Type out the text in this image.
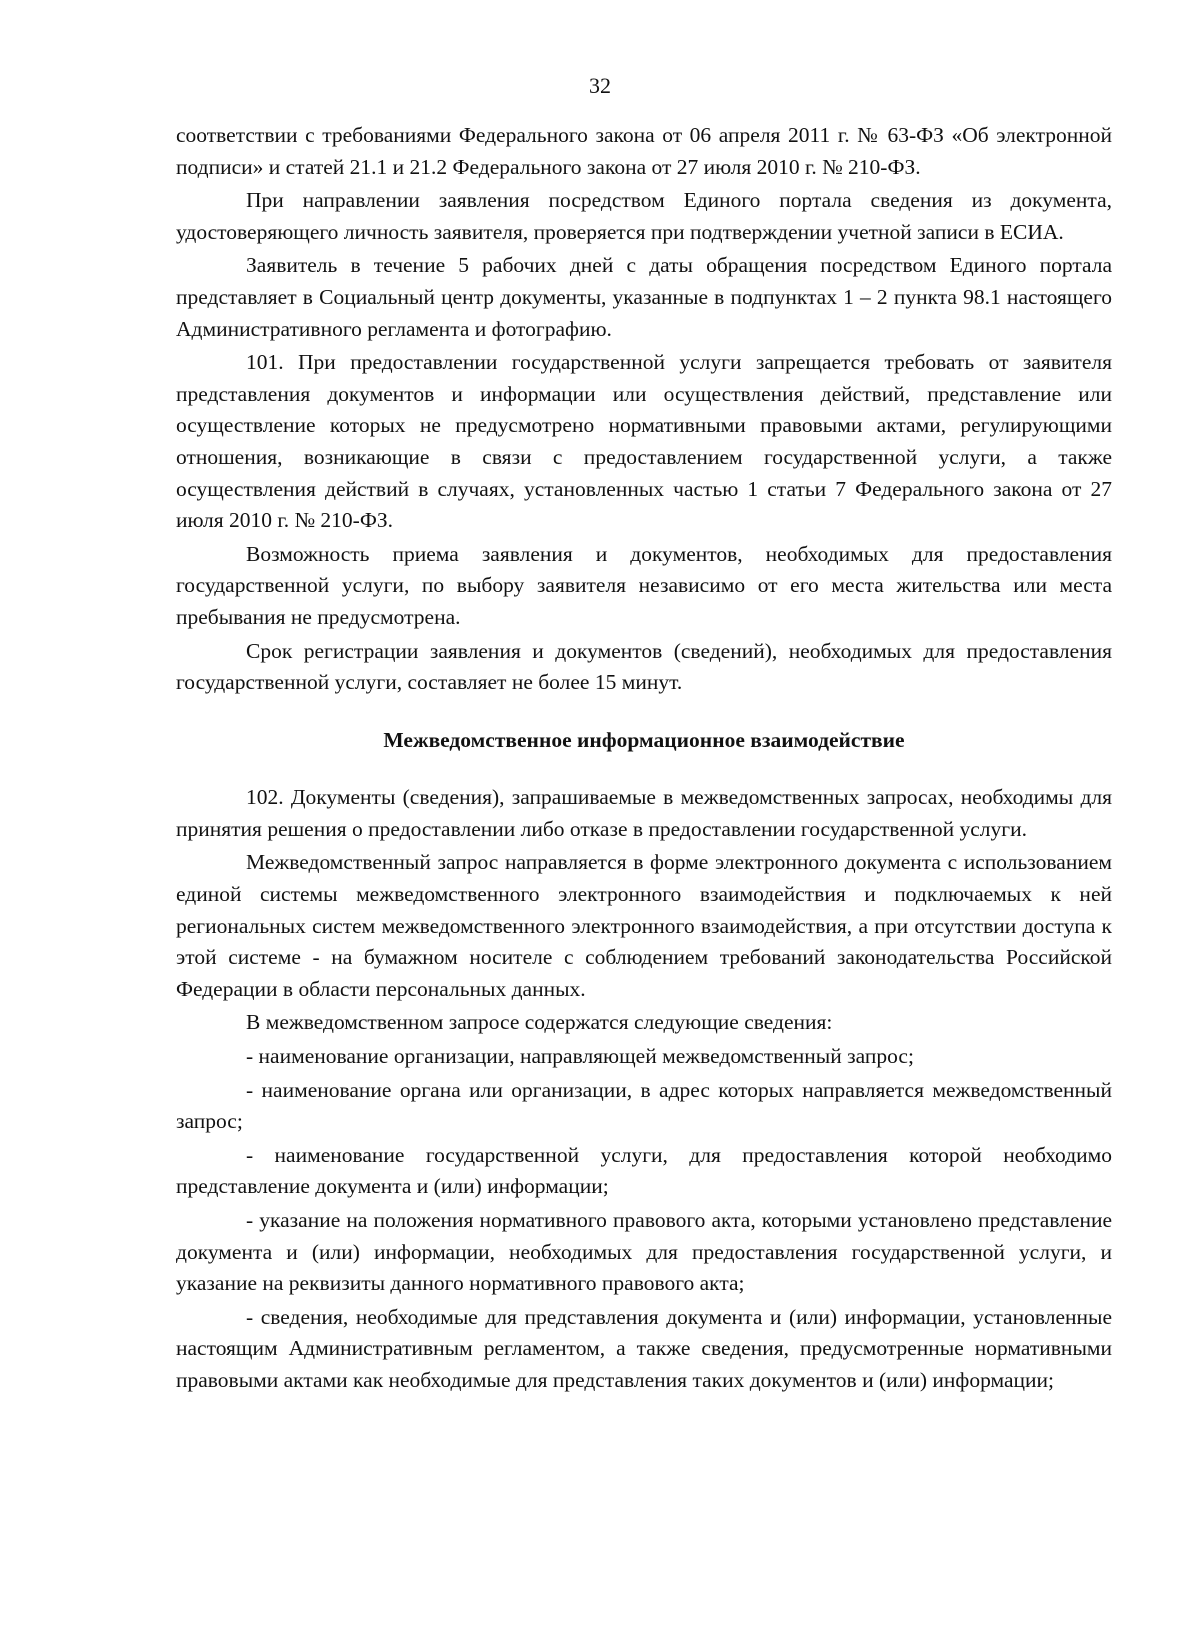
32

соответствии с требованиями Федерального закона от 06 апреля 2011 г. № 63-ФЗ «Об электронной подписи» и статей 21.1 и 21.2 Федерального закона от 27 июля 2010 г. № 210-ФЗ.

При направлении заявления посредством Единого портала сведения из документа, удостоверяющего личность заявителя, проверяется при подтверждении учетной записи в ЕСИА.

Заявитель в течение 5 рабочих дней с даты обращения посредством Единого портала представляет в Социальный центр документы, указанные в подпунктах 1 – 2 пункта 98.1 настоящего Административного регламента и фотографию.

101. При предоставлении государственной услуги запрещается требовать от заявителя представления документов и информации или осуществления действий, представление или осуществление которых не предусмотрено нормативными правовыми актами, регулирующими отношения, возникающие в связи с предоставлением государственной услуги, а также осуществления действий в случаях, установленных частью 1 статьи 7 Федерального закона от 27 июля 2010 г. № 210-ФЗ.

Возможность приема заявления и документов, необходимых для предоставления государственной услуги, по выбору заявителя независимо от его места жительства или места пребывания не предусмотрена.

Срок регистрации заявления и документов (сведений), необходимых для предоставления государственной услуги, составляет не более 15 минут.

Межведомственное информационное взаимодействие

102. Документы (сведения), запрашиваемые в межведомственных запросах, необходимы для принятия решения о предоставлении либо отказе в предоставлении государственной услуги.

Межведомственный запрос направляется в форме электронного документа с использованием единой системы межведомственного электронного взаимодействия и подключаемых к ней региональных систем межведомственного электронного взаимодействия, а при отсутствии доступа к этой системе - на бумажном носителе с соблюдением требований законодательства Российской Федерации в области персональных данных.

В межведомственном запросе содержатся следующие сведения:

- наименование организации, направляющей межведомственный запрос;

- наименование органа или организации, в адрес которых направляется межведомственный запрос;

- наименование государственной услуги, для предоставления которой необходимо представление документа и (или) информации;

- указание на положения нормативного правового акта, которыми установлено представление документа и (или) информации, необходимых для предоставления государственной услуги, и указание на реквизиты данного нормативного правового акта;

- сведения, необходимые для представления документа и (или) информации, установленные настоящим Административным регламентом, а также сведения, предусмотренные нормативными правовыми актами как необходимые для представления таких документов и (или) информации;
